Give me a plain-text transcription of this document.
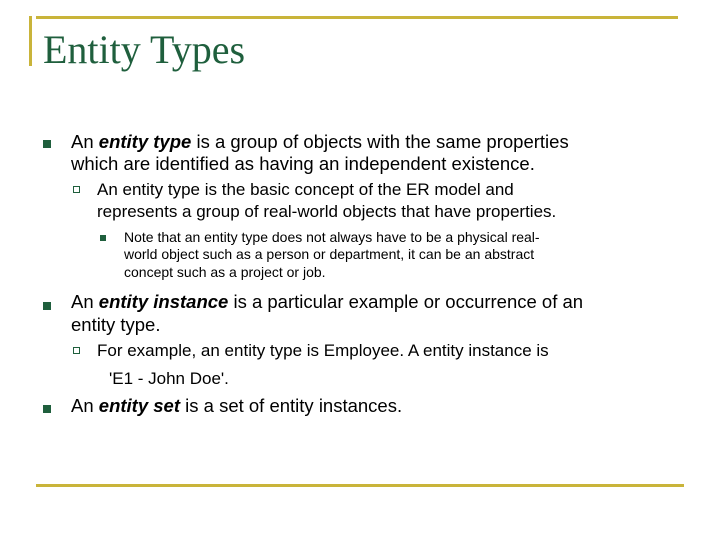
Entity Types
An entity type is a group of objects with the same properties
which are identified as having an independent existence.
An entity type is the basic concept of the ER model and
represents a group of real-world objects that have properties.
Note that an entity type does not always have to be a physical real-
world object such as a person or department, it can be an abstract
concept such as a project or job.
An entity instance is a particular example or occurrence of an
entity type.
For example, an entity type is Employee. A entity instance is
'E1 - John Doe'.
An entity set is a set of entity instances.
